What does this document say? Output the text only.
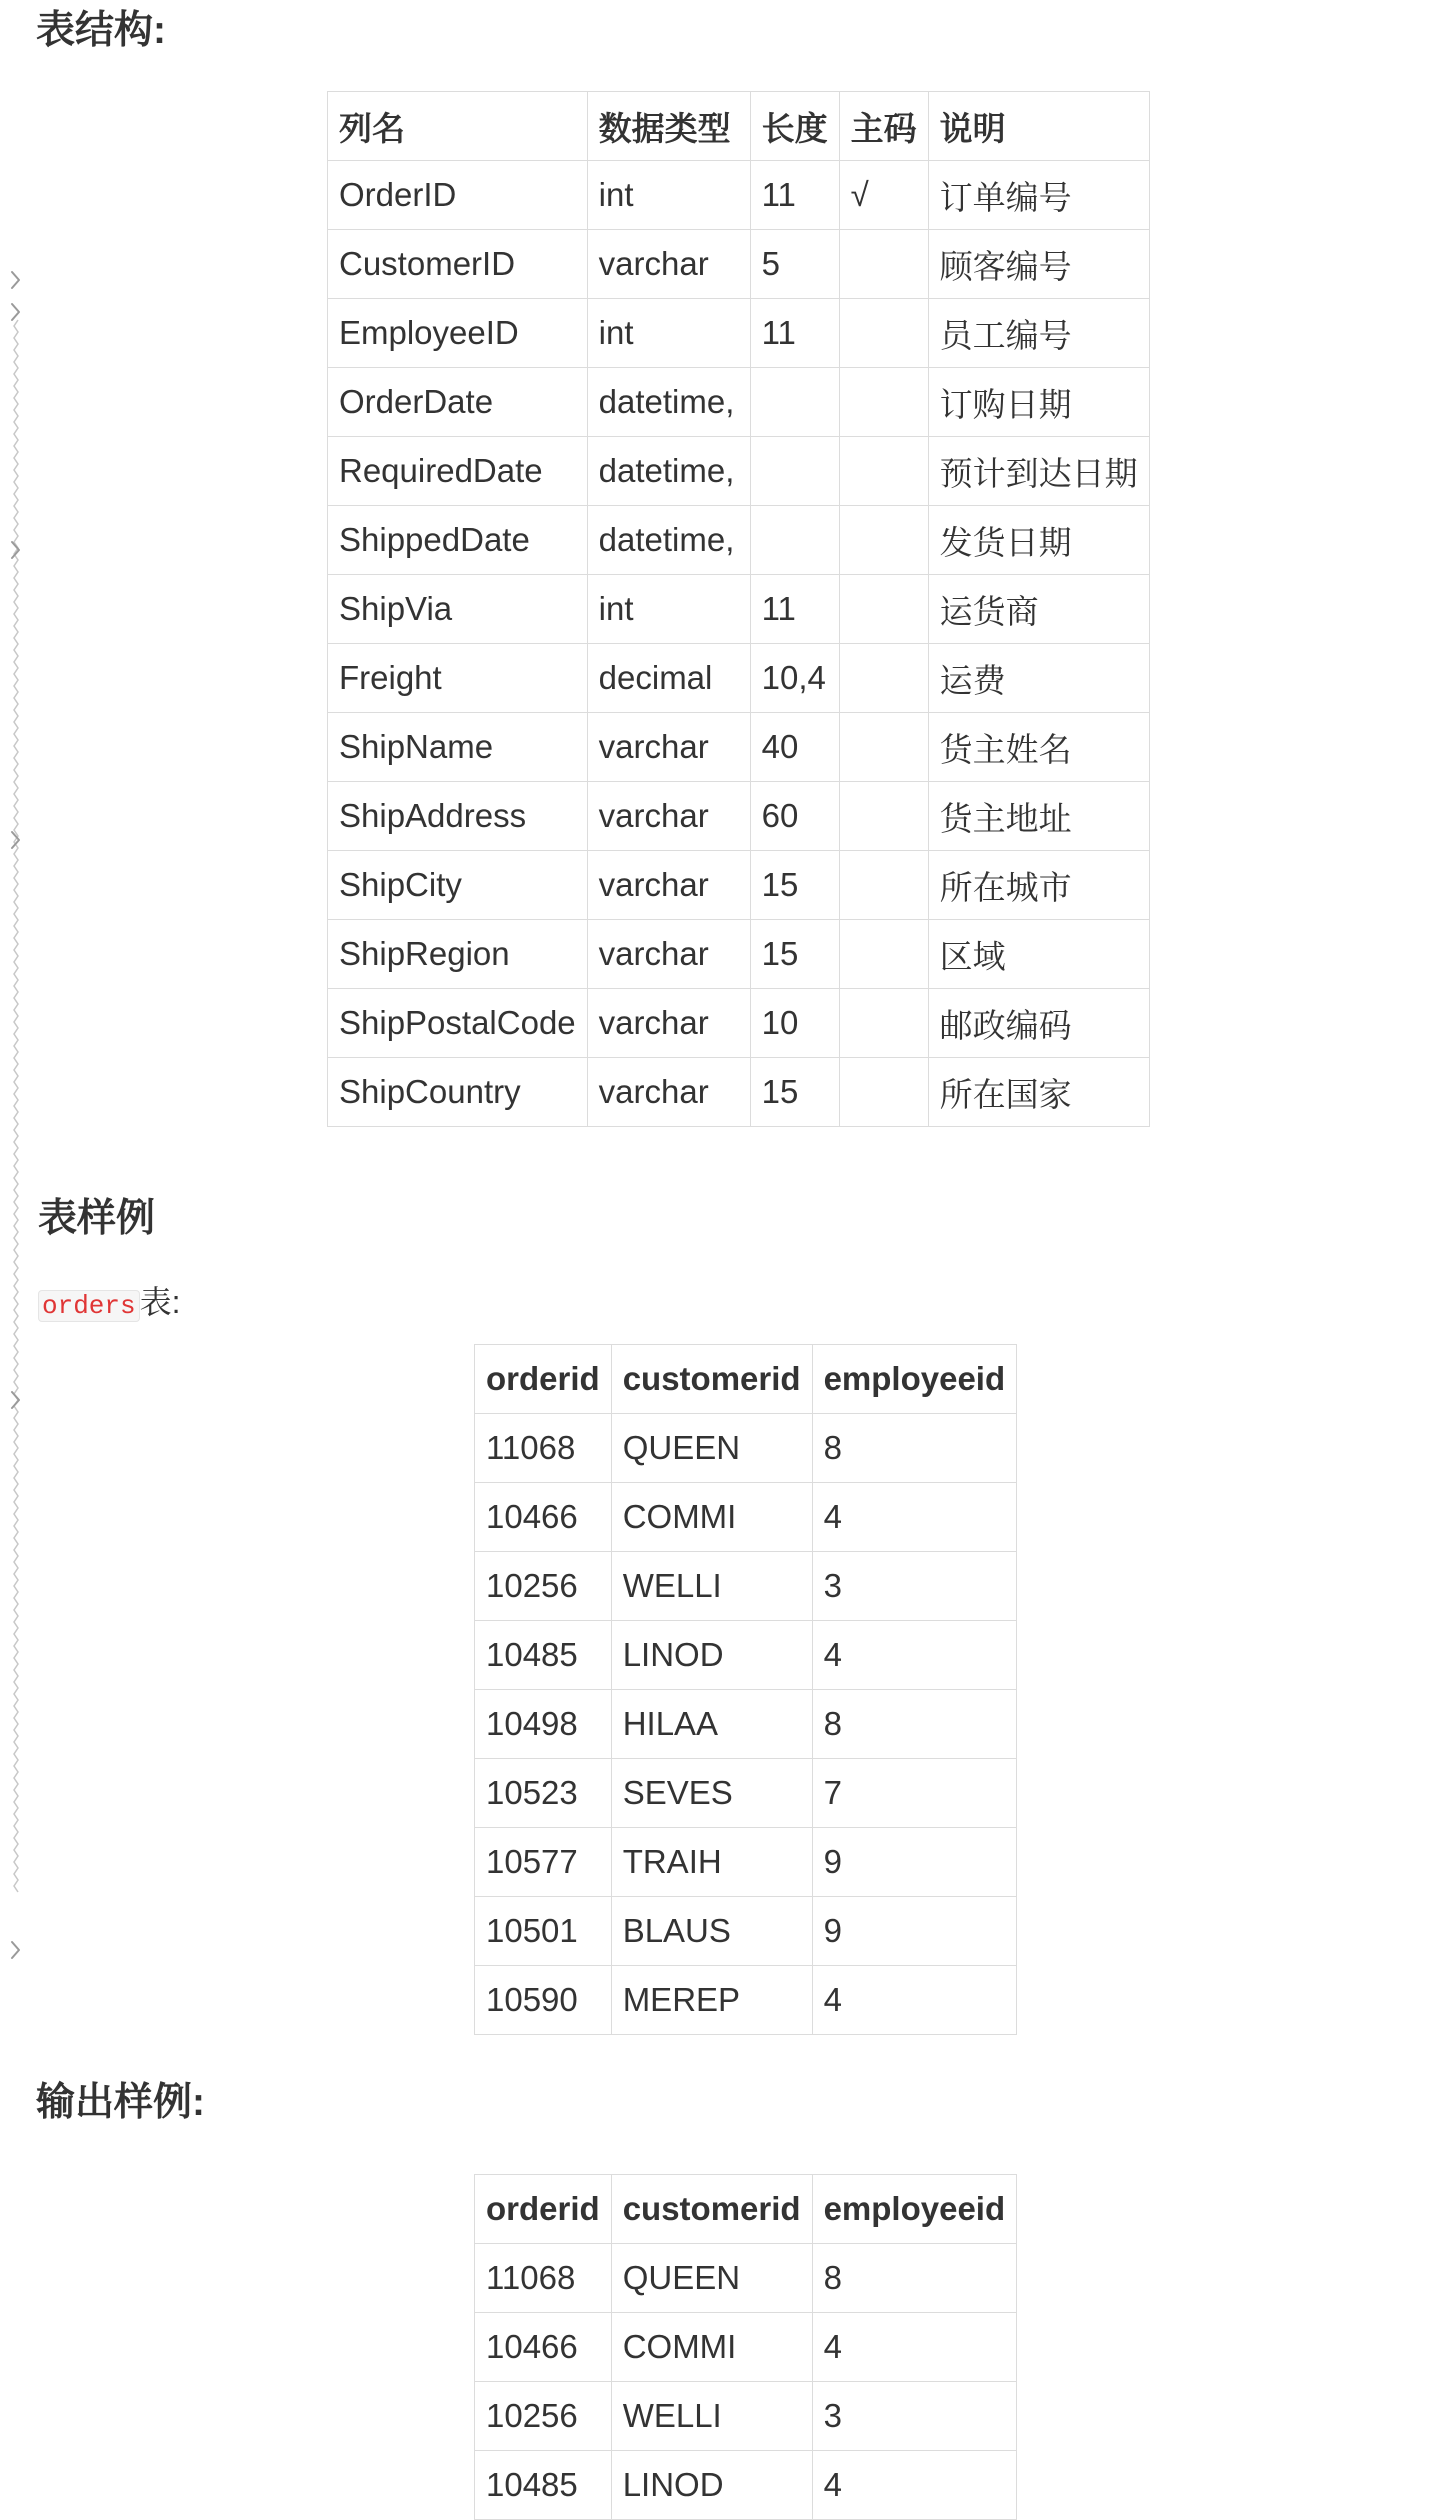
表结构:
列名	数据类型	长度	主码	说明
OrderID	int	11	√	订单编号
CustomerID	varchar	5		顾客编号
EmployeeID	int	11		员工编号
OrderDate	datetime,			订购日期
RequiredDate	datetime,			预计到达日期
ShippedDate	datetime,			发货日期
ShipVia	int	11		运货商
Freight	decimal	10,4		运费
ShipName	varchar	40		货主姓名
ShipAddress	varchar	60		货主地址
ShipCity	varchar	15		所在城市
ShipRegion	varchar	15		区域
ShipPostalCode	varchar	10		邮政编码
ShipCountry	varchar	15		所在国家
表样例
orders 表:
orderid	customerid	employeeid
11068	QUEEN	8
10466	COMMI	4
10256	WELLI	3
10485	LINOD	4
10498	HILAA	8
10523	SEVES	7
10577	TRAIH	9
10501	BLAUS	9
10590	MEREP	4
输出样例:
orderid	customerid	employeeid
11068	QUEEN	8
10466	COMMI	4
10256	WELLI	3
10485	LINOD	4
